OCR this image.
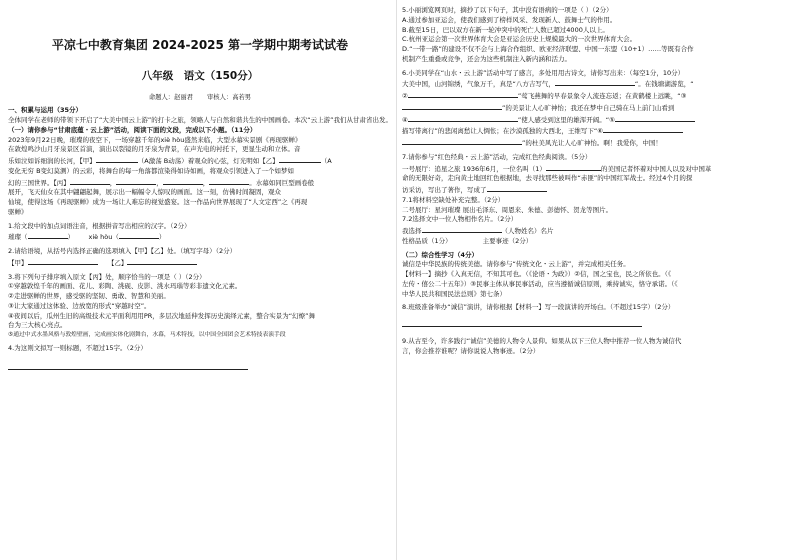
平凉七中教育集团 2024-2025 第一学期中期考试试卷
八年级　语文（150分）
命题人：赵丽君 审核人：高若男
一、积累与运用（35分）
全体同学在老师的带领下开启了“大美中国云上游”的打卡之旅，领略人与自然和谐共生的中国画卷。本次“云上游”我们从甘肃省出发。
（一）请你参与“甘肃底蕴・云上游”活动，阅读下面的文段，完成以下小题。（11分）
2023年9月22日晚，璀璨的夜空下，一场穿越千年的xiè hòu盛然来临，大型水幕实景剧《再现驱蝉》
在敦煌鸣沙山月牙泉景区首演，演出以裂镜的月牙泉为背景，在声光电的衬托下，更显生动和立体。音
乐如泣如诉细润的长河，【甲】	（A激荡 B动荡）着观众的心弦，灯光明如【乙】	（A
变化无穷 B变幻莫测）的云彩，将舞台的每一角落都渲染得如诗如画，将观众引领进入了一个如梦如
幻的三国世界。【丙】	，	，	，	。水幕如同巨型画卷般
展开，飞天仙女在其中翩翩起舞，展示出一幅幅令人惊叹的画面。这一刻，仿佛时间凝固，观众
仙境，使得这场《再现驱蝉》成为一场让人难忘的视觉盛宴。这一作品向世界展现了“人文定西”之《再现
驱蝉》
1.给文段中的加点词语注音，根据拼音写出相应的汉字。（2分）
璀璨（	） xiè hòu（	）
2.请给语境，从括号内选择正确的选项填入【甲】【乙】处。（填写字母）（2分）
【甲】	【乙】
3.将下列句子排序填入原文【丙】处，顺序恰当的一项是（ ）（2分）
①穿越敦煌千年的画面、花儿、彩陶、洮砚、皮影、洮水玛瑙等彩非遗文化元素。
②走进驱蝉的世界，感受驱的坚韧、勇敢、智慧和美丽。
③让大家通过这体验、边放宽的形式“穿越时空”。
④夜间以后，瓜州生旧的高级技术元平面利用用PR，多层次地延伸发挥历史演绎元素，整合实景为“幻燎”舞
台为三大核心亮点。
⑤通过中式水墨风格与敦煌壁画，完成画实体化剧舞台，水幕，马术特技，以中国全国团会艺术特技表演手段
4.为这则文拟写一则标题，不超过15字。（2分）
5.小丽浏览网页时，摘抄了以下句子，其中没有语病的一项是（ ）（2分）
A.通过参加亚运会，使我们感到了榜样风采、发现新人、鼓舞士气的作用。
B.截至15日，巴以双方在新一轮冲突中的死亡人数已超过4000人以上。
C.杭州亚运会第一次世界体育大会是亚运会历史上规模最大的一次世界体育大会。
D.“一带一路”的建设不仅不会与上海合作组织、欧亚经济联盟、中国一东盟（10+1）……等既有合作
机制产生重叠或竞争，还会为这些机制注入新内涵和活力。
6.小美同学在“山水・云上游”活动中写了感言，多处用用古诗文，请你写出来：（每空1分，10分）
大美中国，山河锦绣，气象万千，真是“八方吉写气，	“。在钱塘湖游览，“
②	”莺飞燕舞的早春景象令人流连忘返；在黄鹤楼上远眺，“③
”的美景让人心旷神怡；我还在梦中自己骑在马上前门山看到
④	”使人感受到这里的雄浑开阔。“⑤
描写带离行”的悲闲离愁让人惆怅；在沙漠孤独的大西北，王维写下“⑥
”的杜美风光让人心旷神怡。啊！我爱你，中国！
7.请你参与“红色经典・云上游”活动，完成红色经典阅读。（5分）
一号展厅：追星之旅 1936年6月，一位名叫（1）	的美国记者怀着对中国人以及对中国革
命的无限好奇，走向黄土地回红色根据地，去寻找那些被叫作“赤匪”的中国红军战士。经过4个月的探
访采访，写出了著作，写成了
7.1将材料空缺处补充完整。（2分）
二号展厅：星河璀璨 展出毛泽东、周恩来、朱德、彭德怀、贺龙等图片。
7.2选择文中一位人物相作名片。（2分）
我选择	（人物姓名）名片
性格品质（1分）	主要事迹（2分）
（二）综合性学习（4分）
诚信是中华民族的传统美德。请你参与“传统文化・云上游”，并完成相关任务。
【材料一】摘抄《入真无信，不知其可也。（《论语・为政》）②信，国之宝也，民之所依也。（《
左传・僖公二十五年》）③民事主体从事民事活动，应当遵循诚信原则，乘持诚实，恪守承诺。（《
中华人民共和国民法总则》第七条）
8.班级准备举办“诚信”演讲，请你根据【材料一】写一段演讲的开场白。（不超过15字）（2分）
9.从古至今，许多践行“诚信”美德的人物令人景仰。如果从以下三位人物中推荐一位人物为诚信代
言，你会推荐谁呢？请你说说人物事迹。（2分）
